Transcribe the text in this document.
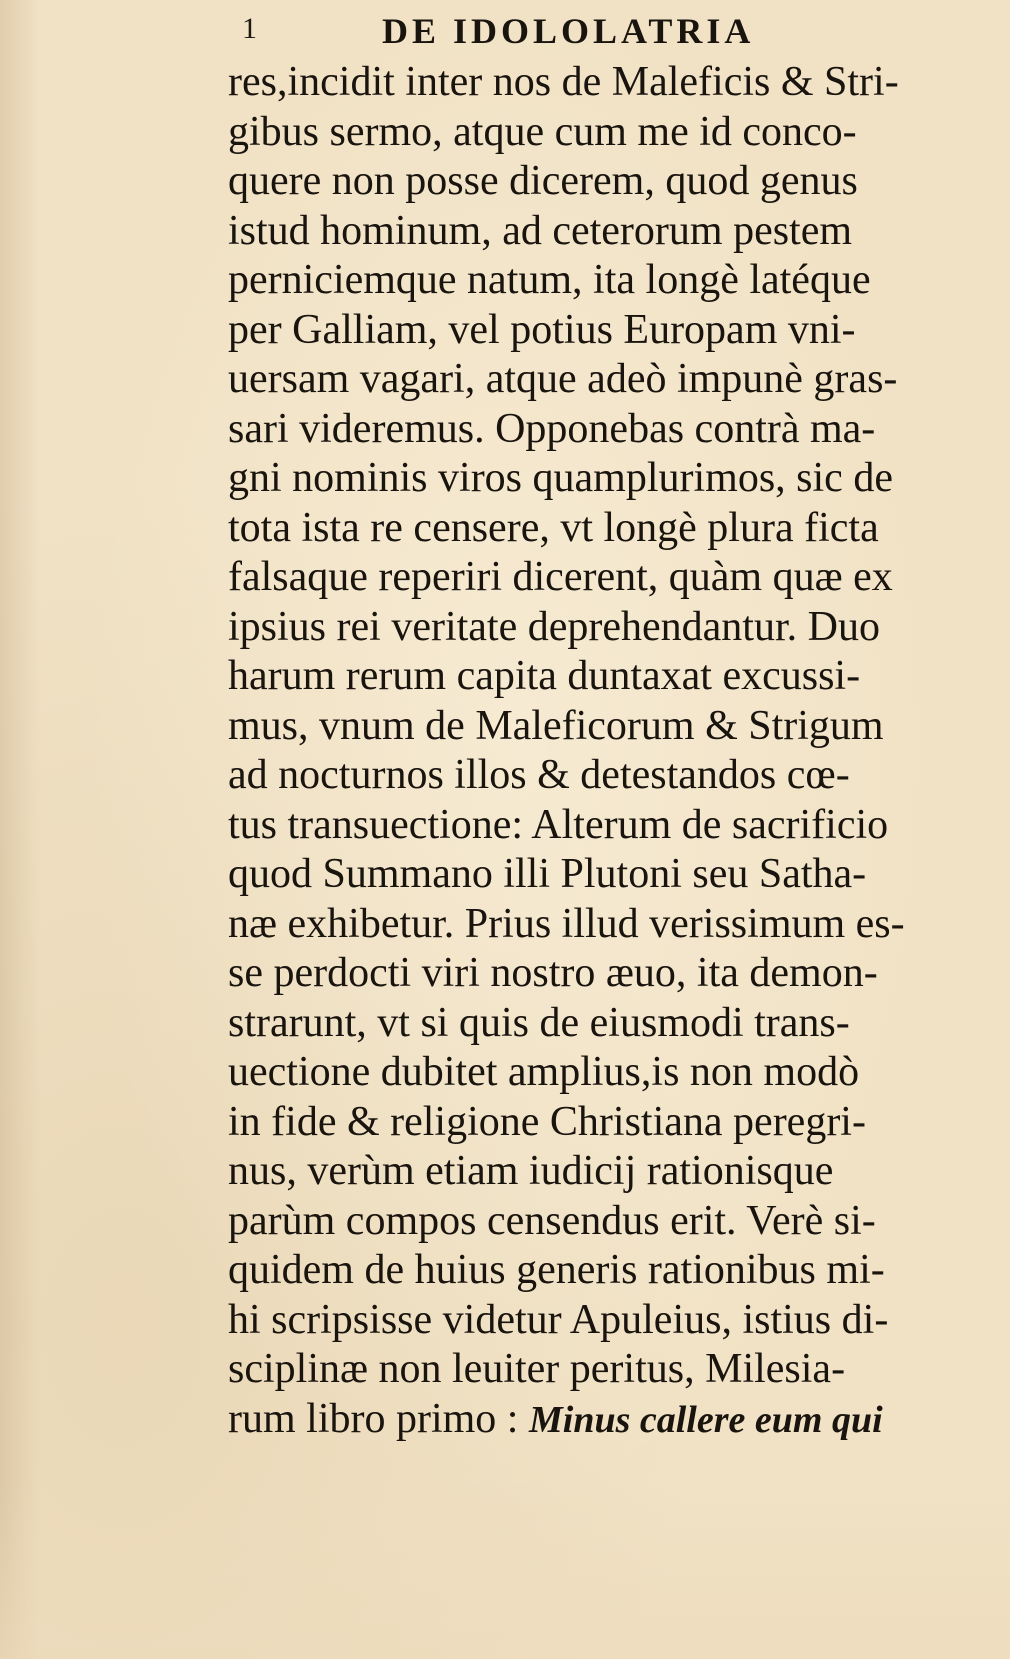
1	DE IDOLOLATRIA
res,incidit inter nos de Maleficis & Stri-
gibus sermo, atque cum me id conco-
quere non posse dicerem, quod genus
istud hominum, ad ceterorum pestem
perniciemque natum, ita longè latéque
per Galliam, vel potius Europam vni-
uersam vagari, atque adeò impunè gras-
sari videremus. Opponebas contrà ma-
gni nominis viros quamplurimos, sic de
tota ista re censere, vt longè plura ficta
falsaque reperiri dicerent, quàm quæ ex
ipsius rei veritate deprehendantur. Duo
harum rerum capita duntaxat excussi-
mus, vnum de Maleficorum & Strigum
ad nocturnos illos & detestandos cœ-
tus transuectione: Alterum de sacrificio
quod Summano illi Plutoni seu Satha-
næ exhibetur. Prius illud verissimum es-
se perdocti viri nostro æuo, ita demon-
strarunt, vt si quis de eiusmodi trans-
uectione dubitet amplius,is non modò
in fide & religione Christiana peregri-
nus, verùm etiam iudicij rationisque
parùm compos censendus erit. Verè si-
quidem de huius generis rationibus mi-
hi scripsisse videtur Apuleius, istius di-
sciplinæ non leuiter peritus, Milesia-
rum libro primo : Minus callere eum qui
